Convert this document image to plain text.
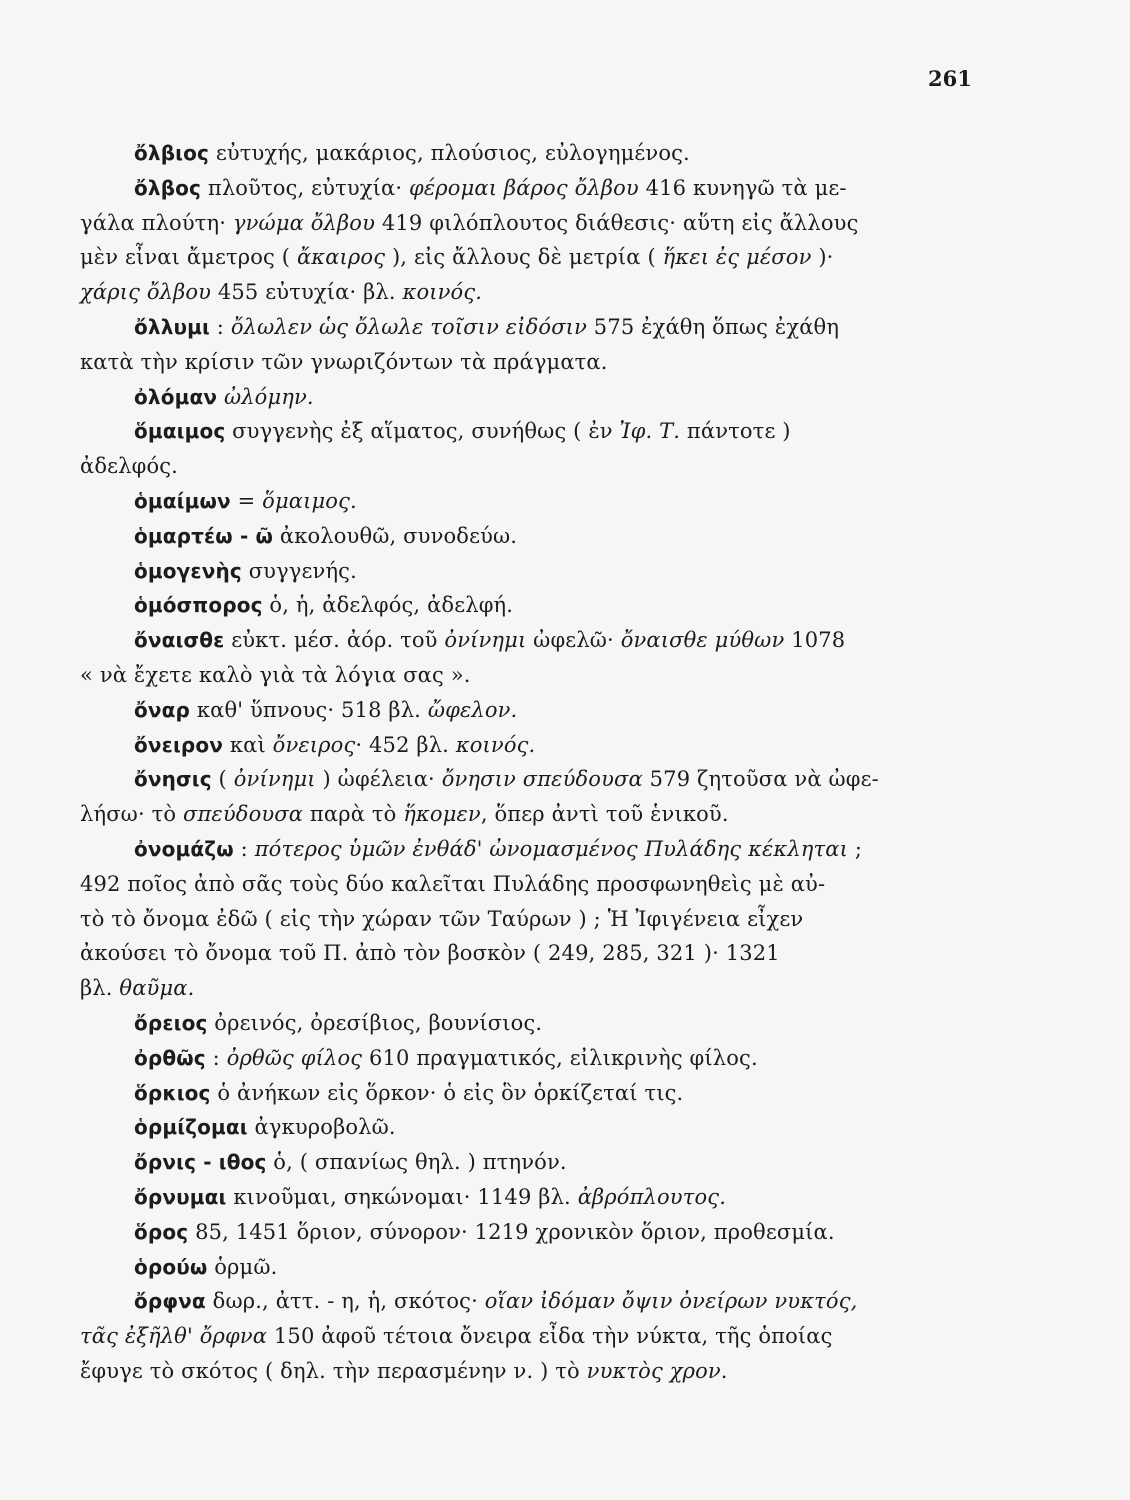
261
ὄλβιος εὐτυχής, μακάριος, πλούσιος, εὐλογημένος.
ὄλβος πλοῦτος, εὐτυχία· φέρομαι βάρος ὄλβου 416 κυνηγῶ τὰ με-
γάλα πλούτη· γνώμα ὄλβου 419 φιλόπλουτος διάθεσις· αὕτη εἰς ἄλλους
μὲν εἶναι ἄμετρος ( ἄκαιρος ), εἰς ἄλλους δὲ μετρία ( ἥκει ἐς μέσον )·
χάρις ὄλβου 455 εὐτυχία· βλ. κοινός.
ὄλλυμι : ὄλωλεν ὡς ὄλωλε τοῖσιν εἰδόσιν 575 ἐχάθη ὅπως ἐχάθη
κατὰ τὴν κρίσιν τῶν γνωριζόντων τὰ πράγματα.
ὀλόμαν ὠλόμην.
ὅμαιμος συγγενὴς ἐξ αἵματος, συνήθως ( ἐν Ἰφ. Τ. πάντοτε )
ἀδελφός.
ὁμαίμων = ὅμαιμος.
ὁμαρτέω - ῶ ἀκολουθῶ, συνοδεύω.
ὁμογενὴς συγγενής.
ὁμόσπορος ὁ, ἡ, ἀδελφός, ἀδελφή.
ὄναισθε εὐκτ. μέσ. ἀόρ. τοῦ ὀνίνημι ὠφελῶ· ὄναισθε μύθων 1078
« νὰ ἔχετε καλὸ γιὰ τὰ λόγια σας ».
ὄναρ καθ' ὕπνους· 518 βλ. ὤφελον.
ὄνειρον καὶ ὄνειρος· 452 βλ. κοινός.
ὄνησις ( ὀνίνημι ) ὠφέλεια· ὄνησιν σπεύδουσα 579 ζητοῦσα νὰ ὠφε-
λήσω· τὸ σπεύδουσα παρὰ τὸ ἥκομεν, ὅπερ ἀντὶ τοῦ ἑνικοῦ.
ὀνομάζω : πότερος ὑμῶν ἐνθάδ' ὠνομασμένος Πυλάδης κέκληται ;
492 ποῖος ἀπὸ σᾶς τοὺς δύο καλεῖται Πυλάδης προσφωνηθεὶς μὲ αὐ-
τὸ τὸ ὄνομα ἐδῶ ( εἰς τὴν χώραν τῶν Ταύρων ) ; Ἡ Ἰφιγένεια εἶχεν
ἀκούσει τὸ ὄνομα τοῦ Π. ἀπὸ τὸν βοσκὸν ( 249, 285, 321 )· 1321
βλ. θαῦμα.
ὄρειος ὀρεινός, ὀρεσίβιος, βουνίσιος.
ὀρθῶς : ὀρθῶς φίλος 610 πραγματικός, εἰλικρινὴς φίλος.
ὅρκιος ὁ ἀνήκων εἰς ὅρκον· ὁ εἰς ὃν ὁρκίζεταί τις.
ὁρμίζομαι ἀγκυροβολῶ.
ὄρνις - ιθος ὁ, ( σπανίως θηλ. ) πτηνόν.
ὄρνυμαι κινοῦμαι, σηκώνομαι· 1149 βλ. ἀβρόπλουτος.
ὅρος 85, 1451 ὅριον, σύνορον· 1219 χρονικὸν ὅριον, προθεσμία.
ὁρούω ὁρμῶ.
ὄρφνα δωρ., ἀττ. - η, ἡ, σκότος· οἵαν ἰδόμαν ὄψιν ὀνείρων νυκτός,
τᾶς ἐξῆλθ' ὄρφνα 150 ἀφοῦ τέτοια ὄνειρα εἶδα τὴν νύκτα, τῆς ὁποίας
ἔφυγε τὸ σκότος ( δηλ. τὴν περασμένην ν. ) τὸ νυκτὸς χρον.
